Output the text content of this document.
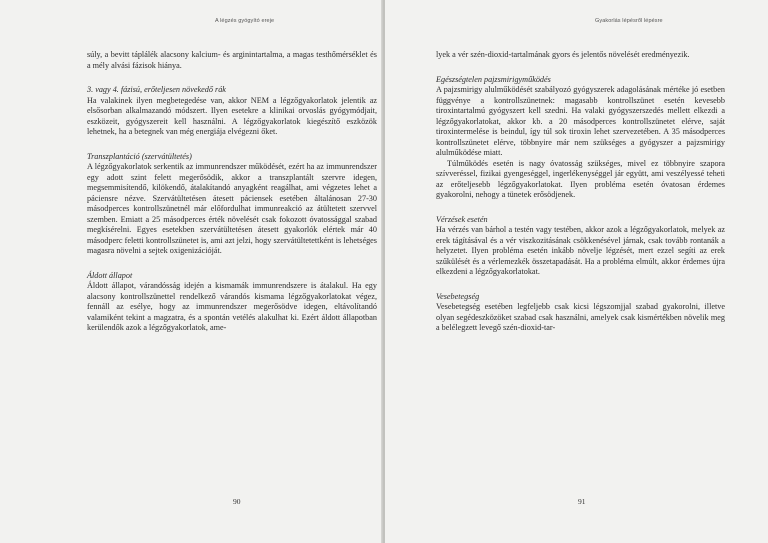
A légzés gyógyító ereje

súly, a bevitt táplálék alacsony kalcium- és arginintartalma, a magas testhőmérséklet és a mély alvási fázisok hiánya.

3. vagy 4. fázisú, erőteljesen növekedő rák

Ha valakinek ilyen megbetegedése van, akkor NEM a légzőgyakorlatok jelentik az elsősorban alkalmazandó módszert. Ilyen esetekre a klinikai orvoslás gyógymódjait, eszközeit, gyógyszereit kell használni. A légzőgyakorlatok kiegészítő eszközök lehetnek, ha a betegnek van még energiája elvégezni őket.

Transzplantáció (szervátültetés)

A légzőgyakorlatok serkentik az immunrendszer működését, ezért ha az immunrendszer egy adott szint felett megerősödik, akkor a transzplantált szervre idegen, megsemmisítendő, kilökendő, átalakítandó anyagként reagálhat, ami végzetes lehet a páciensre nézve. Szervátültetésen átesett páciensek esetében általánosan 27-30 másodperces kontrollszünetnél már előfordulhat immunreakció az átültetett szervvel szemben. Emiatt a 25 másodperces érték növelését csak fokozott óvatossággal szabad megkísérelni. Egyes esetekben szervátültetésen átesett gyakorlók elértek már 40 másodperc feletti kontrollszünetet is, ami azt jelzi, hogy szervátültetettként is lehetséges magasra növelni a sejtek oxigenizációját.

Áldott állapot

Áldott állapot, várandósság idején a kismamák immunrendszere is átalakul. Ha egy alacsony kontrollszünettel rendelkező várandós kismama légzőgyakorlatokat végez, fennáll az esélye, hogy az immunrendszer megerősödve idegen, eltávolítandó valamiként tekint a magzatra, és a spontán vetélés alakulhat ki. Ezért áldott állapotban kerülendők azok a légzőgyakorlatok, ame-

90
Gyakorlás lépésről lépésre

lyek a vér szén-dioxid-tartalmának gyors és jelentős növelését eredményezik.

Egészségtelen pajzsmirigyműködés

A pajzsmirigy alulműködését szabályozó gyógyszerek adagolásának mértéke jó esetben függvénye a kontrollszünetnek: magasabb kontrollszünet esetén kevesebb tiroxintartalmú gyógyszert kell szedni. Ha valaki gyógyszerszedés mellett elkezdi a légzőgyakorlatokat, akkor kb. a 20 másodperces kontrollszünetet elérve, saját tiroxintermelése is beindul, így túl sok tiroxin lehet szervezetében. A 35 másodperces kontrollszünetet elérve, többnyire már nem szükséges a gyógyszer a pajzsmirigy alulműködése miatt.

Túlműködés esetén is nagy óvatosság szükséges, mivel ez többnyire szapora szívveréssel, fizikai gyengeséggel, ingerlékenységgel jár együtt, ami veszélyessé teheti az erőteljesebb légzőgyakorlatokat. Ilyen probléma esetén óvatosan érdemes gyakorolni, nehogy a tünetek erősödjenek.

Vérzések esetén

Ha vérzés van bárhol a testén vagy testében, akkor azok a légzőgyakorlatok, melyek az erek tágításával és a vér viszkozitásának csökkenésével járnak, csak tovább rontanák a helyzetet. Ilyen probléma esetén inkább növelje légzését, mert ezzel segíti az erek szűkülését és a vérlemezkék összetapadását. Ha a probléma elmúlt, akkor érdemes újra elkezdeni a légzőgyakorlatokat.

Vesebetegség

Vesebetegség esetében legfeljebb csak kicsi légszomjjal szabad gyakorolni, illetve olyan segédeszközöket szabad csak használni, amelyek csak kismértékben növelik meg a belélegzett levegő szén-dioxid-tar-

91
